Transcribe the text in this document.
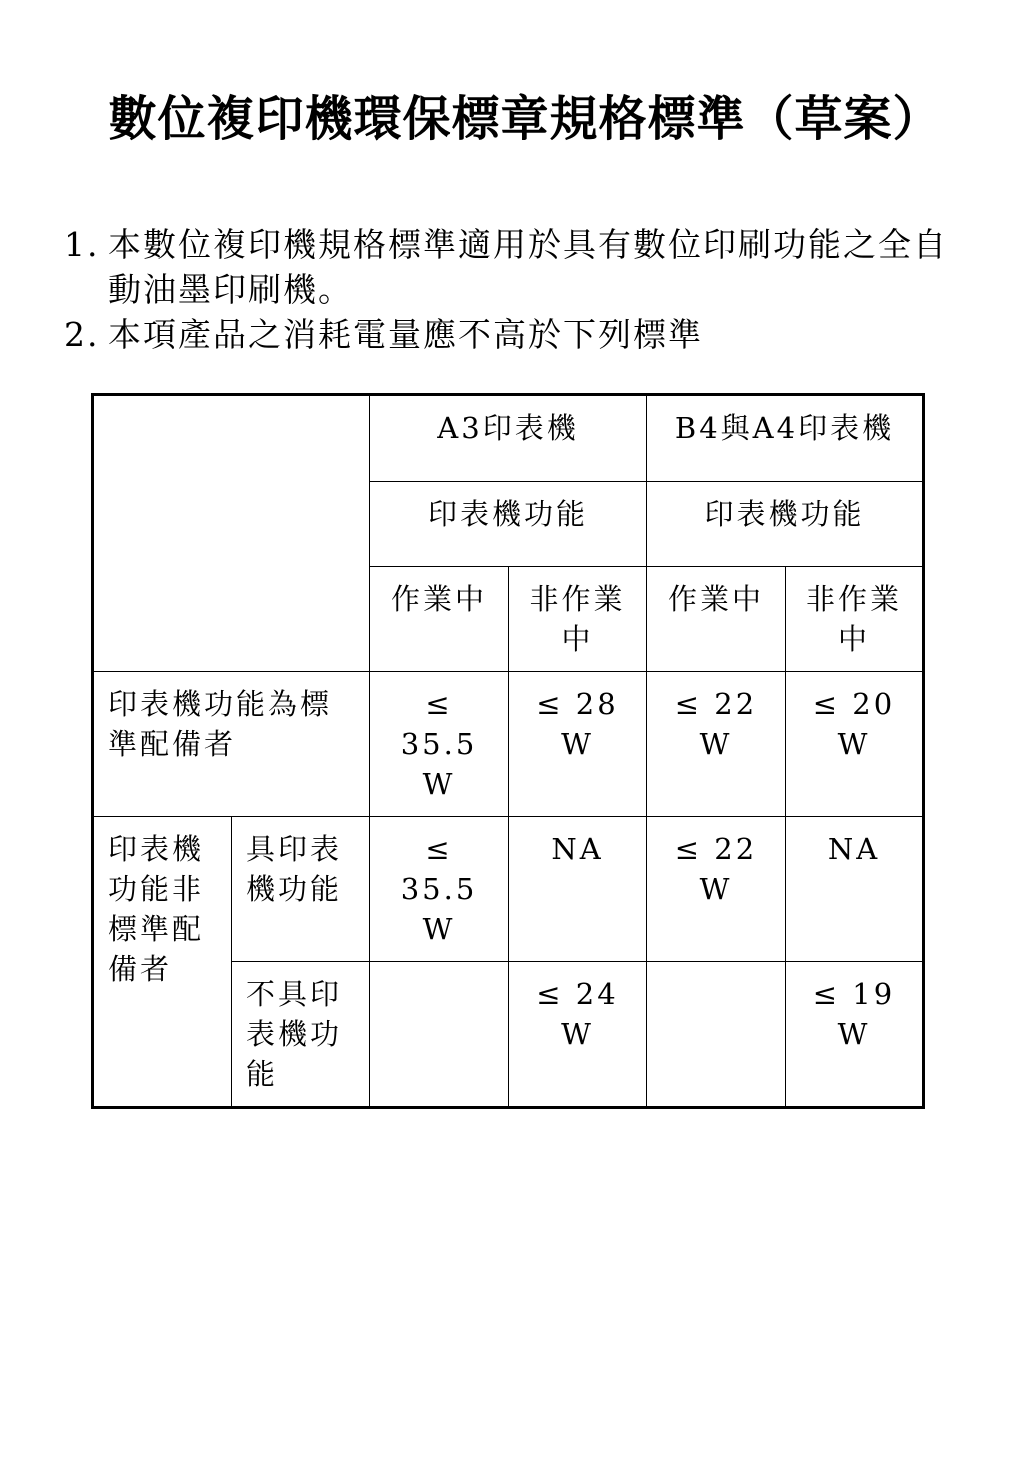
數位複印機環保標章規格標準（草案）
1. 本數位複印機規格標準適用於具有數位印刷功能之全自動油墨印刷機。
2. 本項產品之消耗電量應不高於下列標準
		A3印表機		B4與A4印表機	
		印表機功能		印表機功能	
		作業中	非作業中	作業中	非作業中
印表機功能為標準配備者		≤ 35.5 W	≤ 28 W	≤ 22 W	≤ 20 W
印表機功能非標準配備者	具印表機功能	≤ 35.5 W	NA	≤ 22 W	NA
	不具印表機功能		≤ 24 W		≤ 19 W
